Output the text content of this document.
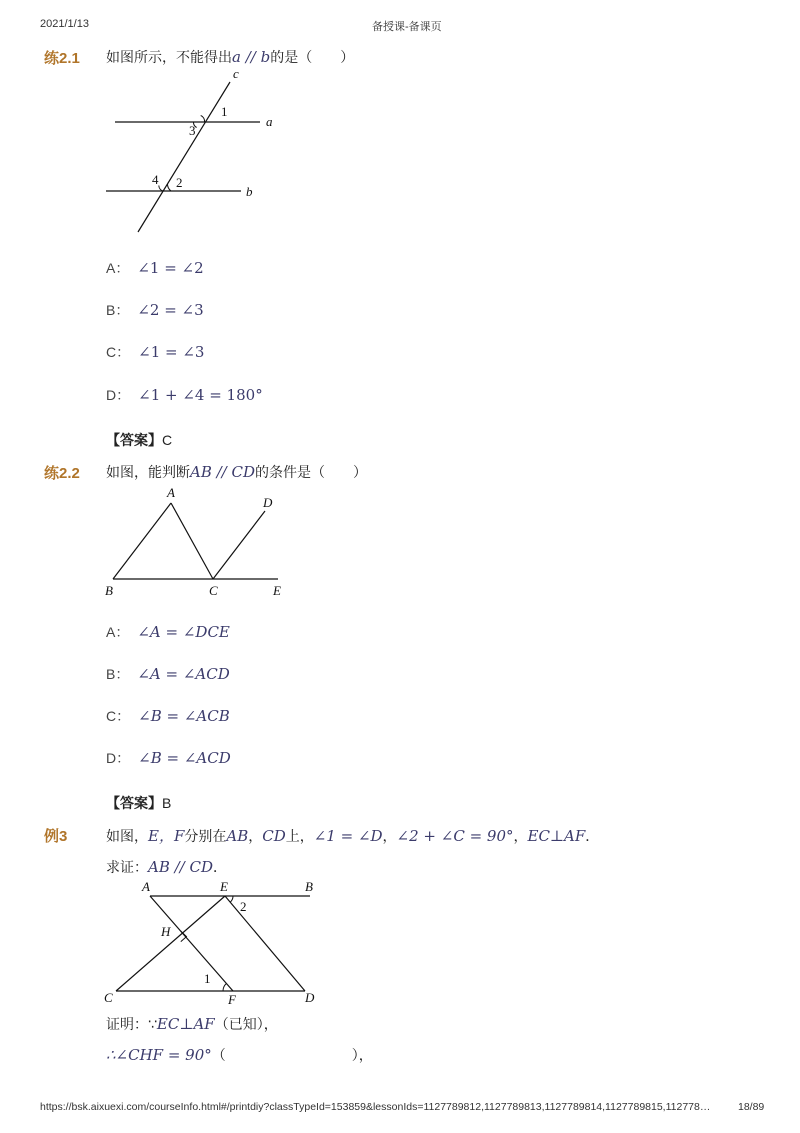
2021/1/13	备授课-备课页
练2.1 如图所示，不能得出a // b的是（　　）
c
a
b
1
3
2
4
A： ∠1 = ∠2
B： ∠2 = ∠3
C： ∠1 = ∠3
D： ∠1 + ∠4 = 180°
【答案】C
练2.2 如图，能判断AB // CD的条件是（　　）
A
B	C
D
E
A： ∠A = ∠DCE
B： ∠A = ∠ACD
C： ∠B = ∠ACB
D： ∠B = ∠ACD
【答案】B
例3	如图，E，F分别在AB，CD上，∠1 = ∠D，∠2 + ∠C = 90°，EC⊥AF．
求证：AB // CD．
A	E	B
H
2
1
C	F	D
证明：∵EC⊥AF（已知），
∴∠CHF = 90°（　　　　　　　　　），
https://bsk.aixuexi.com/courseInfo.html#/printdiy?classTypeId=153859&lessonIds=1127789812,1127789813,1127789814,1127789815,112778…	18/89
